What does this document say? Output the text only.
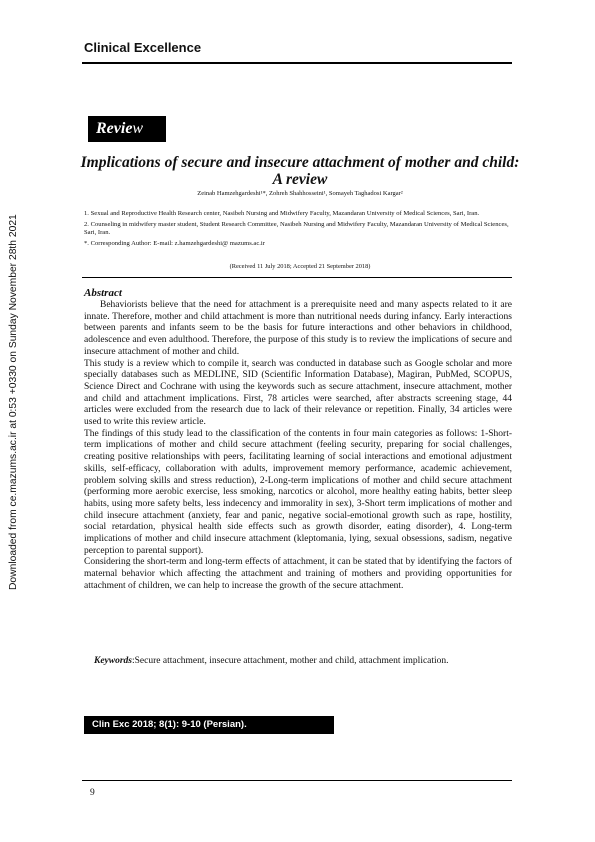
Clinical Excellence
Downloaded from ce.mazums.ac.ir at 0:53 +0330 on Sunday November 28th 2021
Review
Implications of secure and insecure attachment of mother and child:
A review
Zeinab Hamzehgardeshi¹*, Zohreh Shahhosseini¹, Somayeh Taghadosi Kargar²
1. Sexual and Reproductive Health Research center, Nasibeh Nursing and Midwifery Faculty, Mazandaran University of Medical Sciences, Sari, Iran.
2. Counseling in midwifery master student, Student Research Committee, Nasibeh Nursing and Midwifery Faculty, Mazandaran University of Medical Sciences, Sari, Iran.
*. Corresponding Author: E-mail: z.hamzehgardeshi@ mazums.ac.ir
(Received 11 July 2018; Accepted 21 September 2018)
Abstract

Behaviorists believe that the need for attachment is a prerequisite need and many aspects related to it are innate. Therefore, mother and child attachment is more than nutritional needs during infancy. Early interactions between parents and infants seem to be the basis for future interactions and other behaviors in childhood, adolescence and even adulthood. Therefore, the purpose of this study is to review the implications of secure and insecure attachment of mother and child.

This study is a review which to compile it, search was conducted in database such as Google scholar and more specially databases such as MEDLINE, SID (Scientific Information Database), Magiran, PubMed, SCOPUS, Science Direct and Cochrane with using the keywords such as secure attachment, insecure attachment, mother and child and attachment implications. First, 78 articles were searched, after abstracts screening stage, 44 articles were excluded from the research due to lack of their relevance or repetition. Finally, 34 articles were used to write this review article.

The findings of this study lead to the classification of the contents in four main categories as follows: 1-Short-term implications of mother and child secure attachment (feeling security, preparing for social challenges, creating positive relationships with peers, facilitating learning of social interactions and emotional adjustment skills, self-efficacy, collaboration with adults, improvement memory performance, academic achievement, problem solving skills and stress reduction), 2-Long-term implications of mother and child secure attachment (performing more aerobic exercise, less smoking, narcotics or alcohol, more healthy eating habits, better sleep habits, using more safety belts, less indecency and immorality in sex), 3-Short term implications of mother and child insecure attachment (anxiety, fear and panic, negative social-emotional growth such as rape, hostility, social retardation, physical health side effects such as growth disorder, eating disorder), 4. Long-term implications of mother and child insecure attachment (kleptomania, lying, sexual obsessions, sadism, negative perception to parental support).

Considering the short-term and long-term effects of attachment, it can be stated that by identifying the factors of maternal behavior which affecting the attachment and training of mothers and providing opportunities for attachment of children, we can help to increase the growth of the secure attachment.

Keywords:Secure attachment, insecure attachment, mother and child, attachment implication.
Clin Exc 2018; 8(1): 9-10 (Persian).
9
